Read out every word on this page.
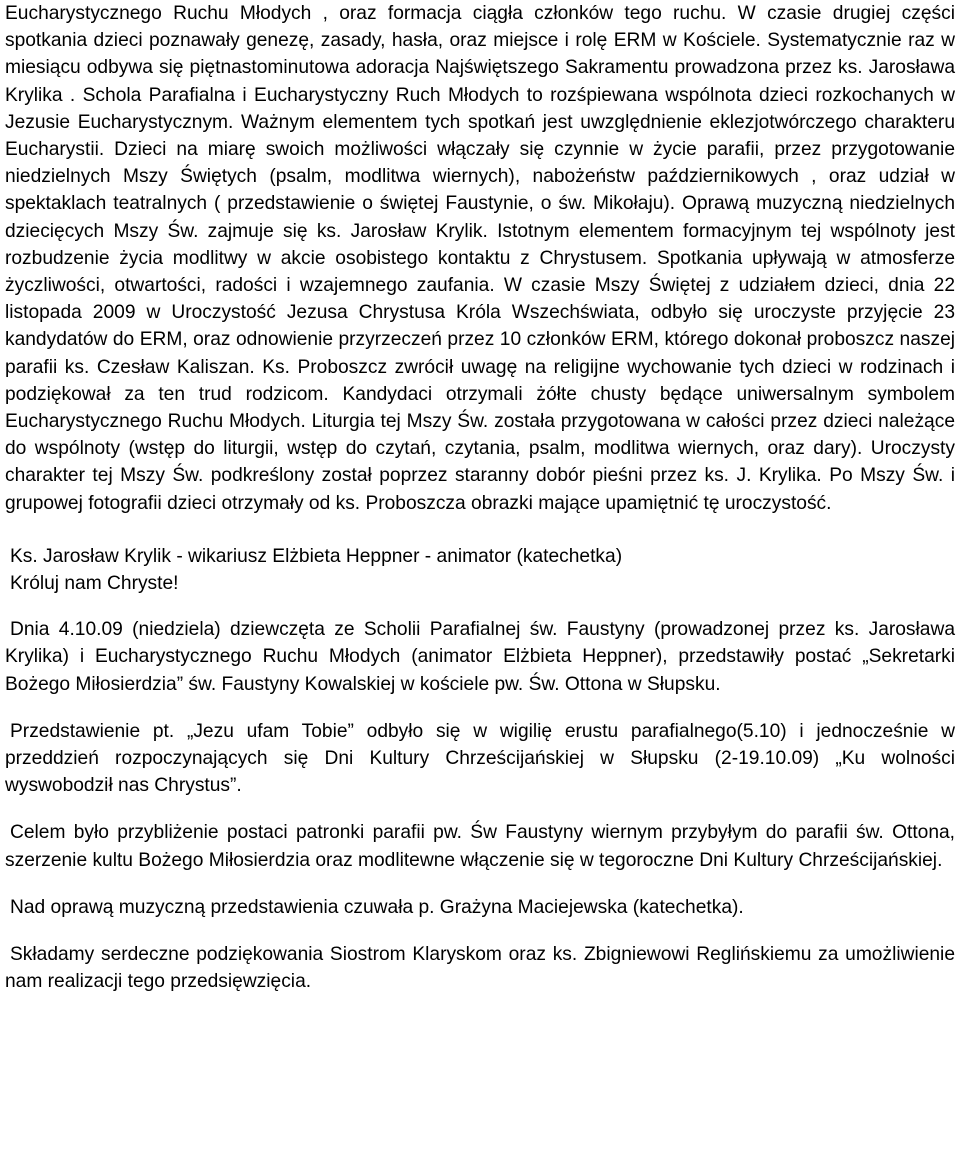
Eucharystycznego Ruchu Młodych , oraz formacja ciągła członków tego ruchu. W czasie drugiej części spotkania dzieci poznawały genezę, zasady, hasła, oraz miejsce i rolę ERM w Kościele. Systematycznie raz w miesiącu odbywa się piętnastominutowa adoracja Najświętszego Sakramentu prowadzona przez ks. Jarosława Krylika . Schola Parafialna i Eucharystyczny Ruch Młodych to rozśpiewana wspólnota dzieci rozkochanych w Jezusie Eucharystycznym. Ważnym elementem tych spotkań jest uwzględnienie eklezjotwórczego charakteru Eucharystii. Dzieci na miarę swoich możliwości włączały się czynnie w życie parafii, przez przygotowanie niedzielnych Mszy Świętych (psalm, modlitwa wiernych), nabożeństw październikowych , oraz udział w spektaklach teatralnych ( przedstawienie o świętej Faustynie, o św. Mikołaju). Oprawą muzyczną niedzielnych dziecięcych Mszy Św. zajmuje się ks. Jarosław Krylik. Istotnym elementem formacyjnym tej wspólnoty jest rozbudzenie życia modlitwy w akcie osobistego kontaktu z Chrystusem. Spotkania upływają w atmosferze życzliwości, otwartości, radości i wzajemnego zaufania. W czasie Mszy Świętej z udziałem dzieci, dnia 22 listopada 2009 w Uroczystość Jezusa Chrystusa Króla Wszechświata, odbyło się uroczyste przyjęcie 23 kandydatów do ERM, oraz odnowienie przyrzeczeń przez 10 członków ERM, którego dokonał proboszcz naszej parafii ks. Czesław Kaliszan. Ks. Proboszcz zwrócił uwagę na religijne wychowanie tych dzieci w rodzinach i podziękował za ten trud rodzicom. Kandydaci otrzymali żółte chusty będące uniwersalnym symbolem Eucharystycznego Ruchu Młodych. Liturgia tej Mszy Św. została przygotowana w całości przez dzieci należące do wspólnoty (wstęp do liturgii, wstęp do czytań, czytania, psalm, modlitwa wiernych, oraz dary). Uroczysty charakter tej Mszy Św. podkreślony został poprzez staranny dobór pieśni przez ks. J. Krylika. Po Mszy Św. i grupowej fotografii dzieci otrzymały od ks. Proboszcza obrazki mające upamiętnić tę uroczystość.

Ks. Jarosław Krylik - wikariusz Elżbieta Heppner - animator (katechetka)

Króluj nam Chryste!

Dnia 4.10.09 (niedziela) dziewczęta ze Scholii Parafialnej św. Faustyny (prowadzonej przez ks. Jarosława Krylika) i Eucharystycznego Ruchu Młodych (animator Elżbieta Heppner), przedstawiły postać „Sekretarki Bożego Miłosierdzia” św. Faustyny Kowalskiej w kościele pw. Św. Ottona w Słupsku.

Przedstawienie pt. „Jezu ufam Tobie” odbyło się w wigilię erustu parafialnego(5.10) i jednocześnie w przeddzień rozpoczynających się Dni Kultury Chrześcijańskiej w Słupsku (2-19.10.09) „Ku wolności wyswobodził nas Chrystus”.

Celem było przybliżenie postaci patronki parafii pw. Św Faustyny wiernym przybyłym do parafii św. Ottona, szerzenie kultu Bożego Miłosierdzia oraz modlitewne włączenie się w tegoroczne Dni Kultury Chrześcijańskiej.

Nad oprawą muzyczną przedstawienia czuwała p. Grażyna Maciejewska (katechetka).

Składamy serdeczne podziękowania Siostrom Klaryskom oraz ks. Zbigniewowi Reglińskiemu za umożliwienie nam realizacji tego przedsięwzięcia.
